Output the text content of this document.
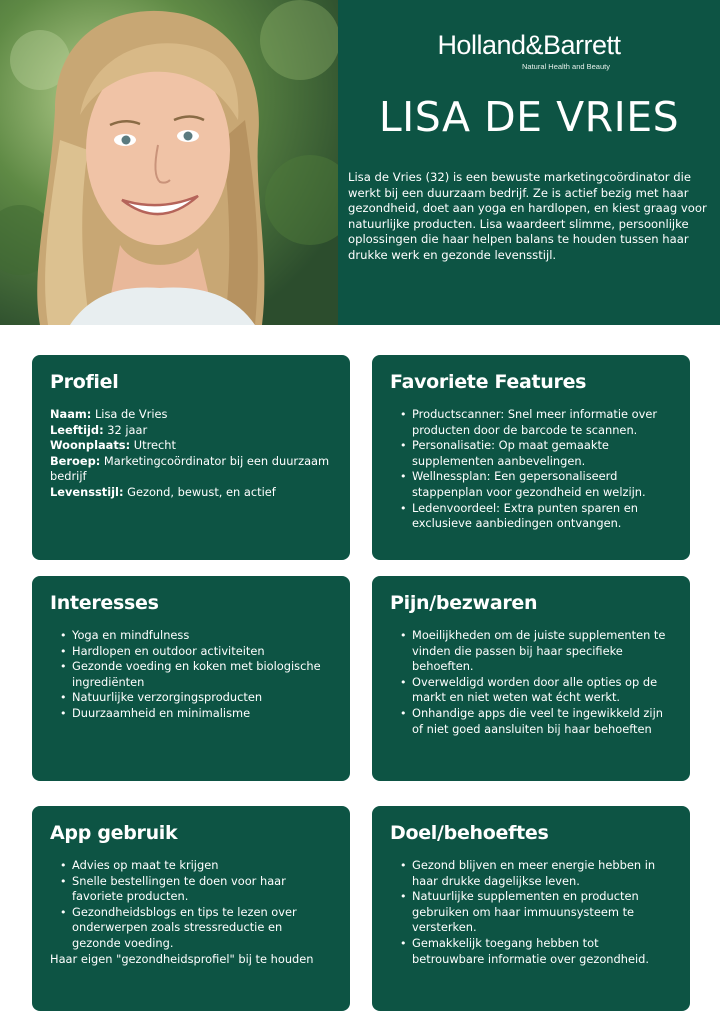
Holland&Barrett
Natural Health and Beauty
LISA DE VRIES

Lisa de Vries (32) is een bewuste marketingcoördinator die werkt bij een duurzaam bedrijf. Ze is actief bezig met haar gezondheid, doet aan yoga en hardlopen, en kiest graag voor natuurlijke producten. Lisa waardeert slimme, persoonlijke oplossingen die haar helpen balans te houden tussen haar drukke werk en gezonde levensstijl.

Profiel
Naam: Lisa de Vries
Leeftijd: 32 jaar
Woonplaats: Utrecht
Beroep: Marketingcoördinator bij een duurzaam bedrijf
Levensstijl: Gezond, bewust, en actief
Favoriete Features
• Productscanner: Snel meer informatie over producten door de barcode te scannen.
• Personalisatie: Op maat gemaakte supplementen aanbevelingen.
• Wellnessplan: Een gepersonaliseerd stappenplan voor gezondheid en welzijn.
• Ledenvoordeel: Extra punten sparen en exclusieve aanbiedingen ontvangen.
Interesses
• Yoga en mindfulness
• Hardlopen en outdoor activiteiten
• Gezonde voeding en koken met biologische ingrediënten
• Natuurlijke verzorgingsproducten
• Duurzaamheid en minimalisme
Pijn/bezwaren
• Moeilijkheden om de juiste supplementen te vinden die passen bij haar specifieke behoeften.
• Overweldigd worden door alle opties op de markt en niet weten wat écht werkt.
• Onhandige apps die veel te ingewikkeld zijn of niet goed aansluiten bij haar behoeften
App gebruik
• Advies op maat te krijgen
• Snelle bestellingen te doen voor haar favoriete producten.
• Gezondheidsblogs en tips te lezen over onderwerpen zoals stressreductie en gezonde voeding.
Haar eigen "gezondheidsprofiel" bij te houden
Doel/behoeftes
• Gezond blijven en meer energie hebben in haar drukke dagelijkse leven.
• Natuurlijke supplementen en producten gebruiken om haar immuunsysteem te versterken.
• Gemakkelijk toegang hebben tot betrouwbare informatie over gezondheid.
